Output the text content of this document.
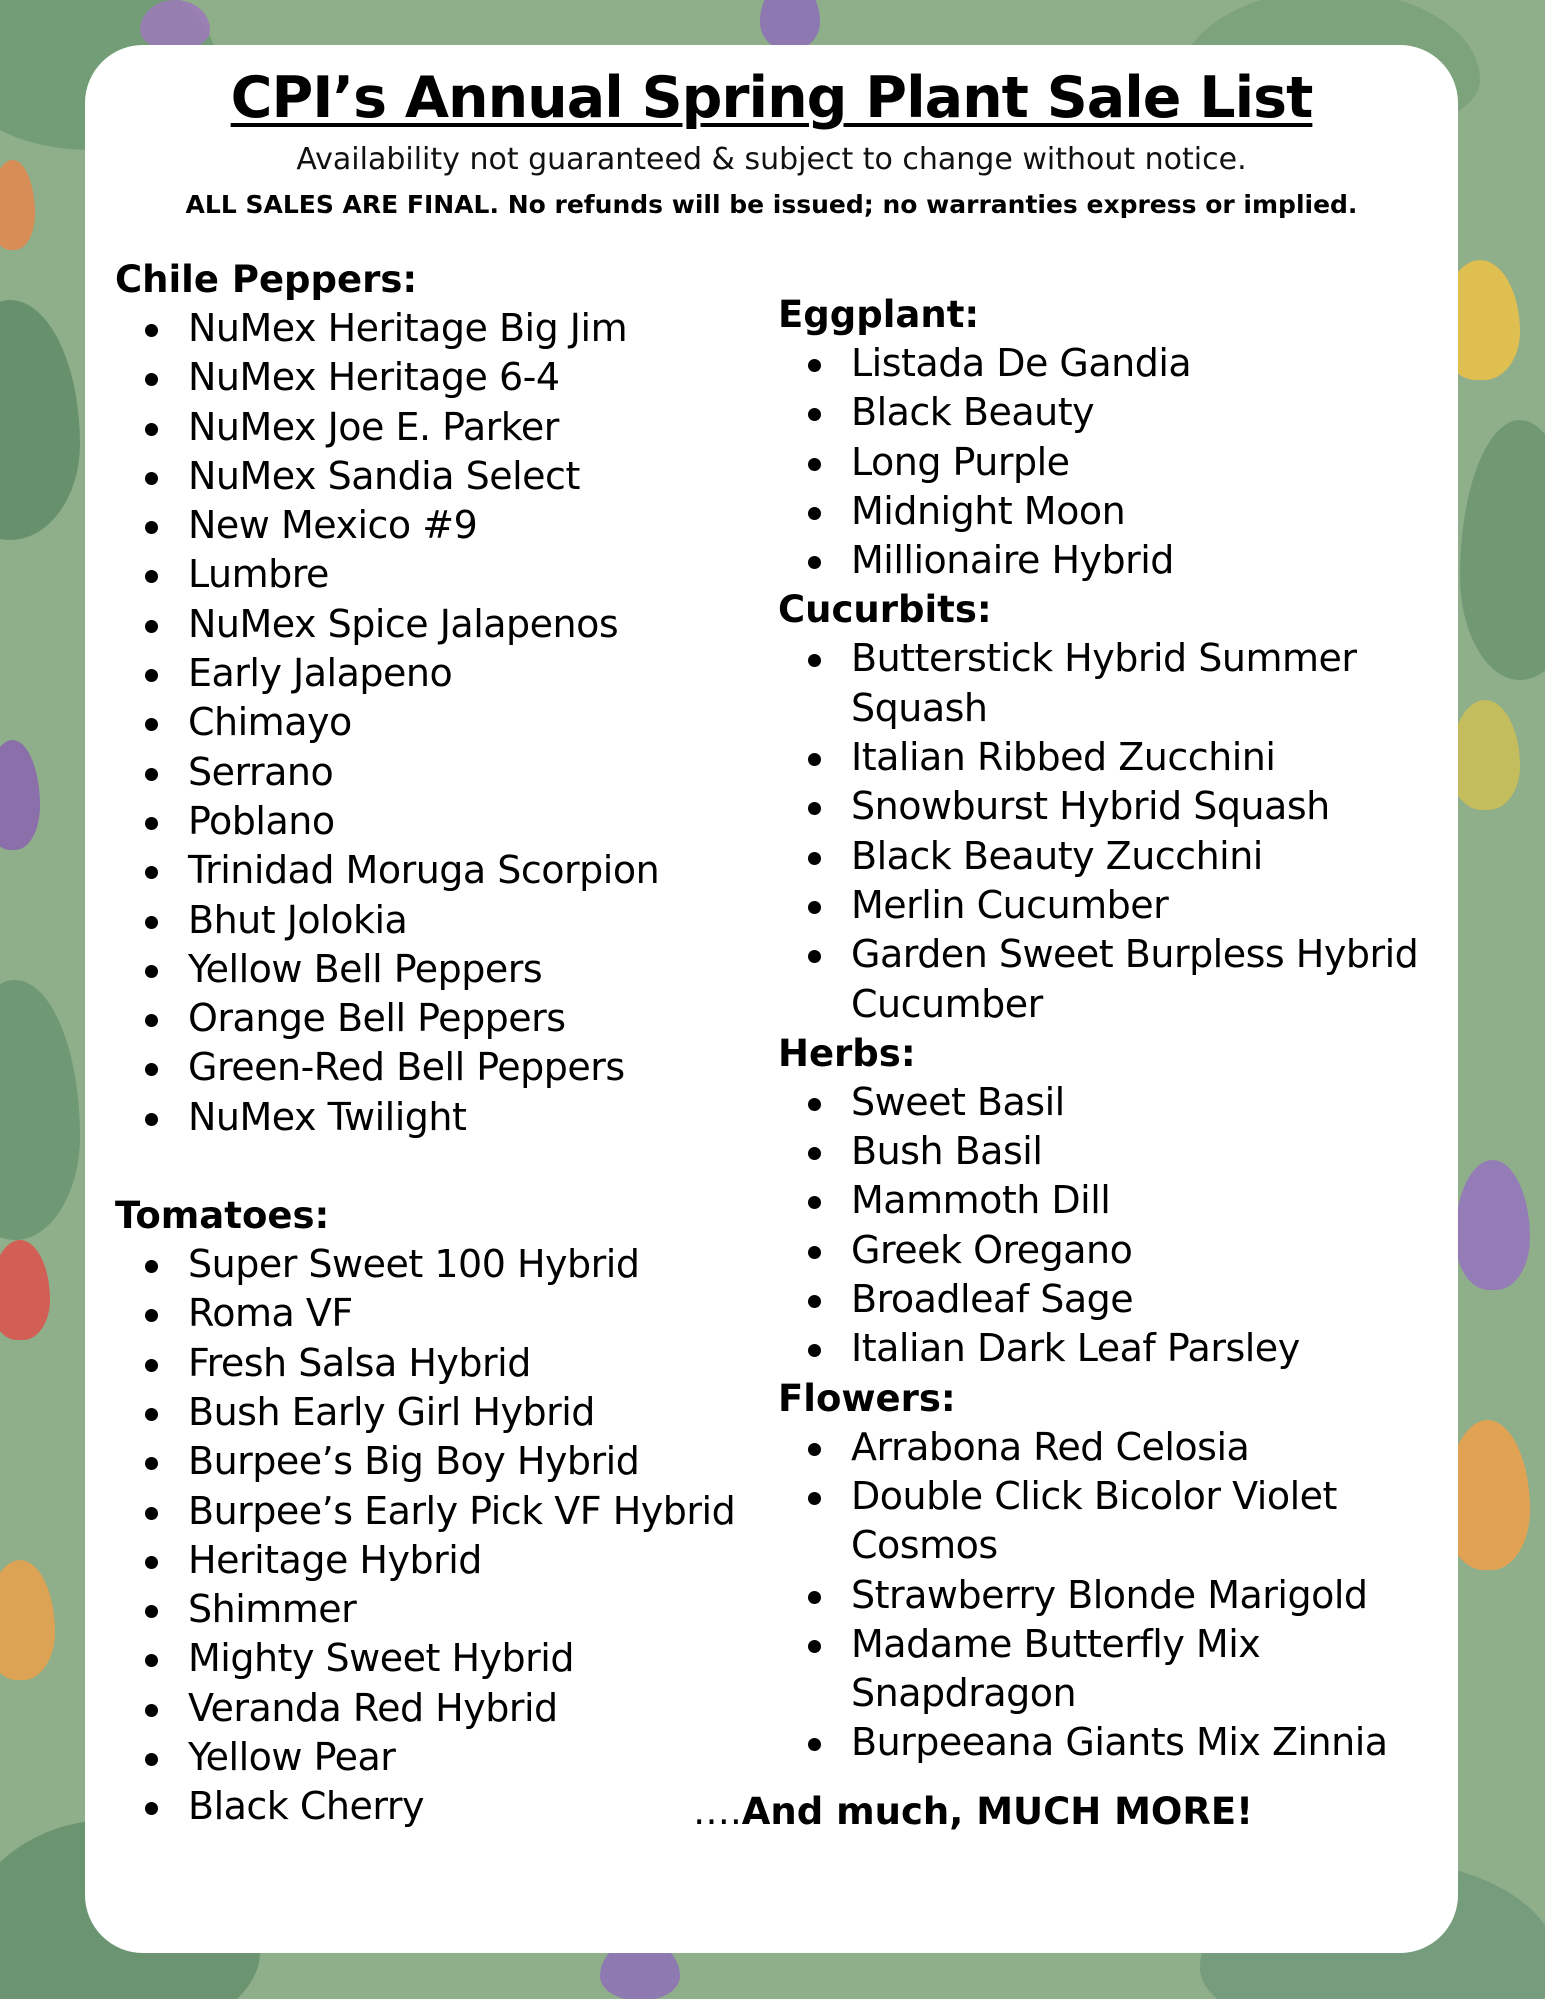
CPI’s Annual Spring Plant Sale List
Availability not guaranteed & subject to change without notice.
ALL SALES ARE FINAL. No refunds will be issued; no warranties express or implied.
Chile Peppers:
NuMex Heritage Big Jim
NuMex Heritage 6-4
NuMex Joe E. Parker
NuMex Sandia Select
New Mexico #9
Lumbre
NuMex Spice Jalapenos
Early Jalapeno
Chimayo
Serrano
Poblano
Trinidad Moruga Scorpion
Bhut Jolokia
Yellow Bell Peppers
Orange Bell Peppers
Green-Red Bell Peppers
NuMex Twilight
Tomatoes:
Super Sweet 100 Hybrid
Roma VF
Fresh Salsa Hybrid
Bush Early Girl Hybrid
Burpee’s Big Boy Hybrid
Burpee’s Early Pick VF Hybrid
Heritage Hybrid
Shimmer
Mighty Sweet Hybrid
Veranda Red Hybrid
Yellow Pear
Black Cherry
Eggplant:
Listada De Gandia
Black Beauty
Long Purple
Midnight Moon
Millionaire Hybrid
Cucurbits:
Butterstick Hybrid Summer Squash
Italian Ribbed Zucchini
Snowburst Hybrid Squash
Black Beauty Zucchini
Merlin Cucumber
Garden Sweet Burpless Hybrid Cucumber
Herbs:
Sweet Basil
Bush Basil
Mammoth Dill
Greek Oregano
Broadleaf Sage
Italian Dark Leaf Parsley
Flowers:
Arrabona Red Celosia
Double Click Bicolor Violet Cosmos
Strawberry Blonde Marigold
Madame Butterfly Mix Snapdragon
Burpeeana Giants Mix Zinnia
….And much, MUCH MORE!
